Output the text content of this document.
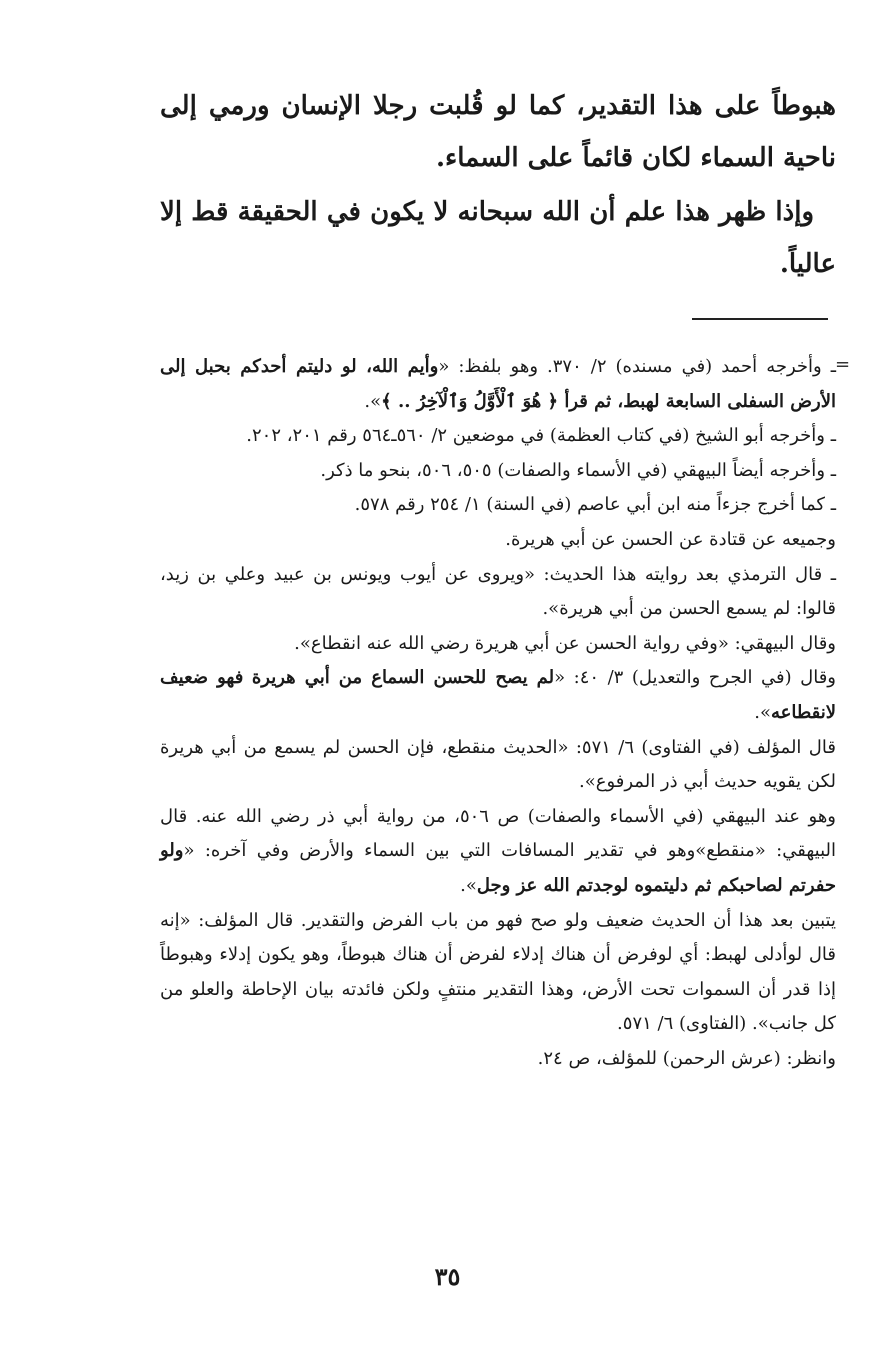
هبوطاً على هذا التقدير، كما لو قُلبت رجلا الإنسان ورمي إلى ناحية السماء لكان قائماً على السماء.

وإذا ظهر هذا علم أن الله سبحانه لا يكون في الحقيقة قط إلا عالياً.

=

ـ وأخرجه أحمد (في مسنده) ٢/ ٣٧٠. وهو بلفظ: «وأيم الله، لو دليتم أحدكم بحبل إلى الأرض السفلى السابعة لهبط، ثم قرأ ﴿ هُوَ ٱلْأَوَّلُ وَٱلْآخِرُ .. ﴾».

ـ وأخرجه أبو الشيخ (في كتاب العظمة) في موضعين ٢/ ٥٦٠ـ٥٦٤ رقم ٢٠١، ٢٠٢.

ـ وأخرجه أيضاً البيهقي (في الأسماء والصفات) ٥٠٥، ٥٠٦، بنحو ما ذكر.

ـ كما أخرج جزءاً منه ابن أبي عاصم (في السنة) ١/ ٢٥٤ رقم ٥٧٨.

وجميعه عن قتادة عن الحسن عن أبي هريرة.

ـ قال الترمذي بعد روايته هذا الحديث: «ويروى عن أيوب ويونس بن عبيد وعلي بن زيد، قالوا: لم يسمع الحسن من أبي هريرة».

وقال البيهقي: «وفي رواية الحسن عن أبي هريرة رضي الله عنه انقطاع».

وقال (في الجرح والتعديل) ٣/ ٤٠: «لم يصح للحسن السماع من أبي هريرة فهو ضعيف لانقطاعه».

قال المؤلف (في الفتاوى) ٦/ ٥٧١: «الحديث منقطع، فإن الحسن لم يسمع من أبي هريرة لكن يقويه حديث أبي ذر المرفوع».

وهو عند البيهقي (في الأسماء والصفات) ص ٥٠٦، من رواية أبي ذر رضي الله عنه. قال البيهقي: «منقطع»وهو في تقدير المسافات التي بين السماء والأرض وفي آخره: «ولو حفرتم لصاحبكم ثم دليتموه لوجدتم الله عز وجل».

يتبين بعد هذا أن الحديث ضعيف ولو صح فهو من باب الفرض والتقدير. قال المؤلف: «إنه قال لوأدلى لهبط: أي لوفرض أن هناك إدلاء لفرض أن هناك هبوطاً، وهو يكون إدلاء وهبوطاً إذا قدر أن السموات تحت الأرض، وهذا التقدير منتفٍ ولكن فائدته بيان الإحاطة والعلو من كل جانب». (الفتاوى) ٦/ ٥٧١.

وانظر: (عرش الرحمن) للمؤلف، ص ٢٤.

٣٥
